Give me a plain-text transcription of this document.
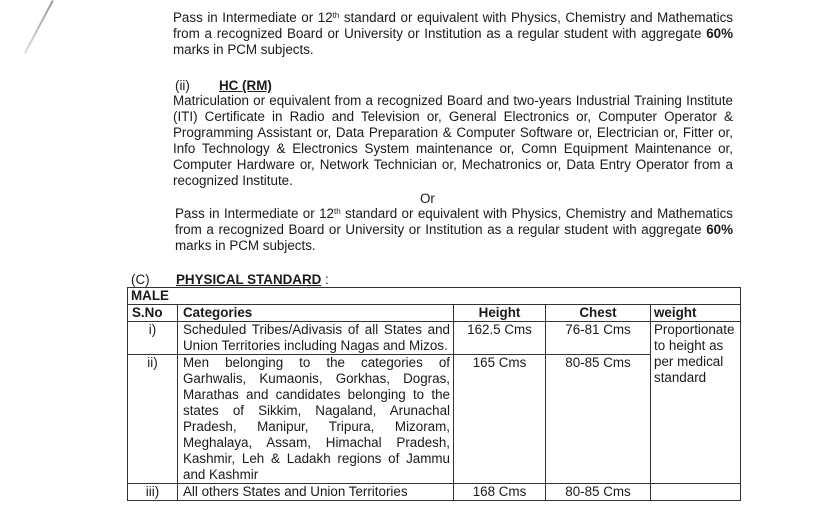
Pass in Intermediate or 12th standard or equivalent with Physics, Chemistry and Mathematics from a recognized Board or University or Institution as a regular student with aggregate 60% marks in PCM subjects.

(ii) HC (RM)

Matriculation or equivalent from a recognized Board and two-years Industrial Training Institute (ITI) Certificate in Radio and Television or, General Electronics or, Computer Operator & Programming Assistant or, Data Preparation & Computer Software or, Electrician or, Fitter or, Info Technology & Electronics System maintenance or, Comn Equipment Maintenance or, Computer Hardware or, Network Technician or, Mechatronics or, Data Entry Operator from a recognized Institute.

Or

Pass in Intermediate or 12th standard or equivalent with Physics, Chemistry and Mathematics from a recognized Board or University or Institution as a regular student with aggregate 60% marks in PCM subjects.

(C) PHYSICAL STANDARD :
MALE				
S.No	Categories	Height	Chest	weight
i)	Scheduled Tribes/Adivasis of all States and Union Territories including Nagas and Mizos.	162.5 Cms	76-81 Cms	Proportionate to height as per medical standard
ii)	Men belonging to the categories of Garhwalis, Kumaonis, Gorkhas, Dogras, Marathas and candidates belonging to the states of Sikkim, Nagaland, Arunachal Pradesh, Manipur, Tripura, Mizoram, Meghalaya, Assam, Himachal Pradesh, Kashmir, Leh & Ladakh regions of Jammu and Kashmir	165 Cms	80-85 Cms	
iii)	All others States and Union Territories	168 Cms	80-85 Cms	
